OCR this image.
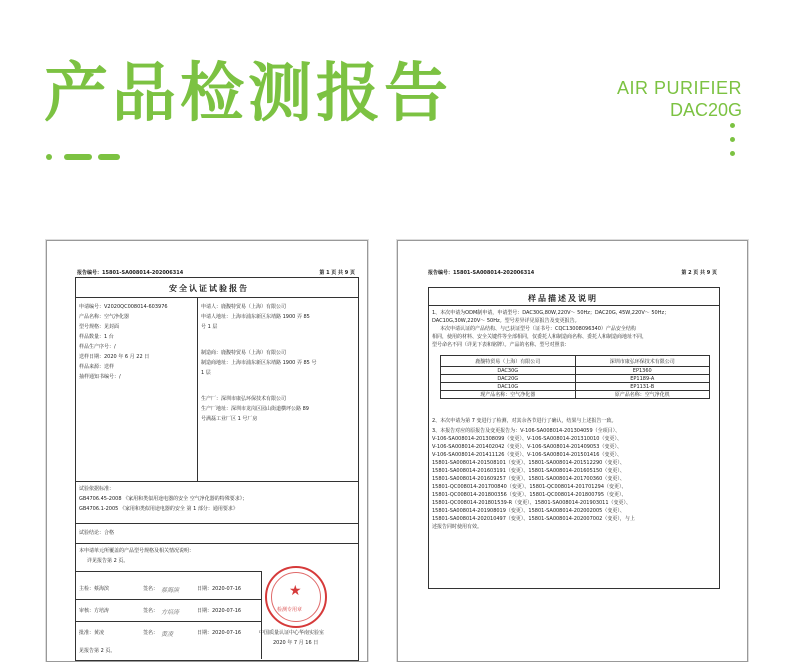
产品检测报告	AIR PURIFIER
DAC20G
报告编号：15801-SA008014-202006314	第 1 页 共 9 页
安全认证试验报告
申请编号：V2020QC008014-603976
产品名称：空气净化器
型号规格：见封面
样品数量：1 台
样品生产序号：/
送样日期：2020 年 6 月 22 日
样品来源：送样
抽样通知书编号：/
申请人：鹿馥特贸易（上海）有限公司
申请人地址：上海市浦东新区东靖路 1900 弄 85
号 1 层
制造商：鹿馥特贸易（上海）有限公司
制造商地址：上海市浦东新区东靖路 1900 弄 85 号
1 层
生产厂：深圳市康弘环保技术有限公司
生产厂地址：深圳市龙岗区园山街道横坪公路 89
号满磊工业厂区 1 号厂房
试验依据标准：
GB4706.45-2008 《家用和类似用途电器的安全 空气净化器的特殊要求》；
GB4706.1-2005 《家用和类似用途电器的安全 第 1 部分：通用要求》
试验结论：合格
本申请单元所覆盖的产品型号规格及相关情况说明：
详见报告第 2 页。
主检：蔡海滨	签名： 蔡海滨	日期：2020-07-16
审核：方培涛	签名： 方培涛	日期：2020-07-16
批准：黄凌	签名： 黄凌	日期：2020-07-16
见报告第 2 页。
★
检测专用章
中国质量认证中心华南实验室
2020 年 7 月 16 日
报告编号：15801-SA008014-202006314	第 2 页 共 9 页
样品描述及说明
1、本次申请为ODM制申请，申请型号：DAC30G,80W,220V～ 50Hz；DAC20G, 45W,220V～ 50Hz；
DAC10G,30W,220V～ 50Hz。型号差异详见原报告及变更报告。
本次申请认证的产品结构、与已获证型号（证书号：CQC13008096340）产品安全结构
相同，使用的材料、安全关键件等全部相同，仅委托人和制造商名称、委托人和制造商地址不同，
型号命名不同（详见下表和铭牌）。产品的名称、型号对照表：
鹿馥特贸易（上海）有限公司	深圳市康弘环保技术有限公司
DAC30G	EP1360
DAC20G	EP1189-A
DAC10G	EP1131-B
现产品名称：空气净化器	原产品名称：空气净化机
2、本次申请为第 7 变进行了检测，对其余各节进行了确认，结果与上述报告一致。
3、本报告对应的原报告及变更报告为：V-106-SA008014-201304059（全项目）、
V-106-SA008014-201308099（变更）、V-106-SA008014-201310010（变更）、
V-106-SA008014-201402042（变更）、V-106-SA008014-201409053（变更）、
V-106-SA008014-201411126（变更）、V-106-SA008014-201501416（变更）、
15801-SA008014-201508101（变更）、15801-SA008014-201512290（变更）、
15801-SA008014-201603191（变更）、15801-SA008014-201605150（变更）、
15801-SA008014-201609257（变更）、15801-SA008014-201700360（变更）、
15801-QC008014-201700840（变更）、15801-QC008014-201701294（变更）、
15801-QC008014-201800356（变更）、15801-QC008014-201800795（变更）、
15801-QC008014-201801539-R（变更）、15801-SA008014-201903011（变更）、
15801-SA008014-201908019（变更）、15801-SA008014-202002005（变更）、
15801-SA008014-202010497（变更）、15801-SA008014-202007002（变更），与上
述报告同时使用有效。
